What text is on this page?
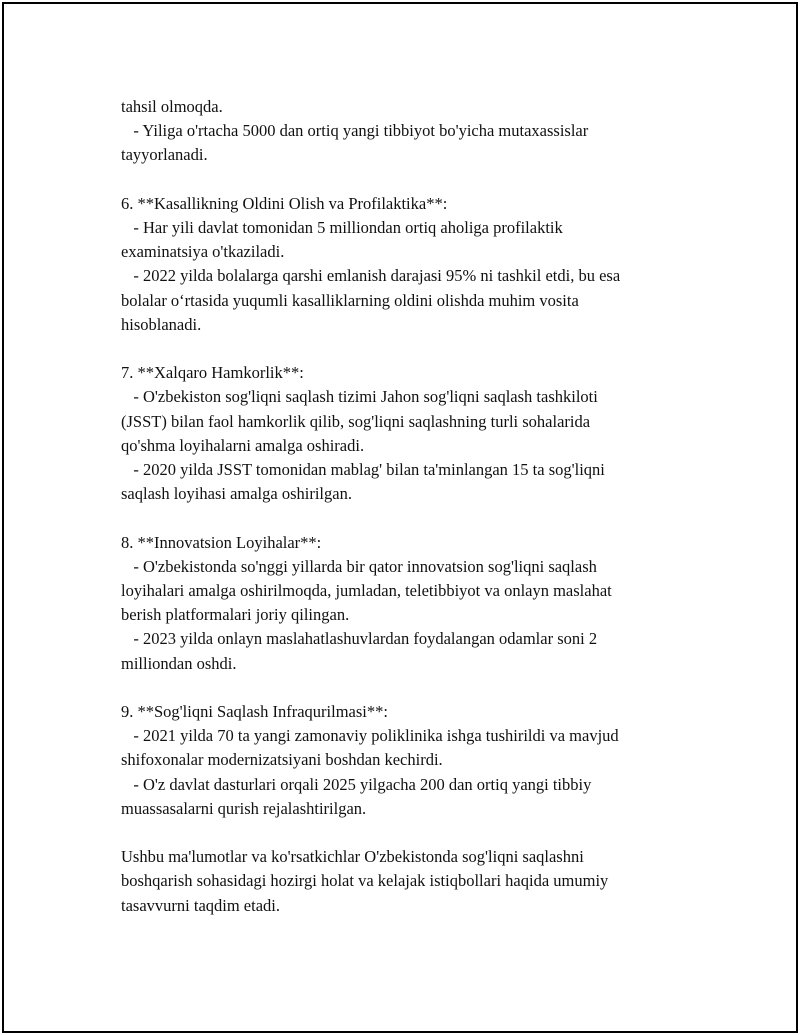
tahsil olmoqda.
- Yiliga o'rtacha 5000 dan ortiq yangi tibbiyot bo'yicha mutaxassislar
tayyorlanadi.
6. **Kasallikning Oldini Olish va Profilaktika**:
- Har yili davlat tomonidan 5 milliondan ortiq aholiga profilaktik
examinatsiya o'tkaziladi.
- 2022 yilda bolalarga qarshi emlanish darajasi 95% ni tashkil etdi, bu esa
bolalar o‘rtasida yuqumli kasalliklarning oldini olishda muhim vosita
hisoblanadi.
7. **Xalqaro Hamkorlik**:
- O'zbekiston sog'liqni saqlash tizimi Jahon sog'liqni saqlash tashkiloti
(JSST) bilan faol hamkorlik qilib, sog'liqni saqlashning turli sohalarida
qo'shma loyihalarni amalga oshiradi.
- 2020 yilda JSST tomonidan mablag' bilan ta'minlangan 15 ta sog'liqni
saqlash loyihasi amalga oshirilgan.
8. **Innovatsion Loyihalar**:
- O'zbekistonda so'nggi yillarda bir qator innovatsion sog'liqni saqlash
loyihalari amalga oshirilmoqda, jumladan, teletibbiyot va onlayn maslahat
berish platformalari joriy qilingan.
- 2023 yilda onlayn maslahatlashuvlardan foydalangan odamlar soni 2
milliondan oshdi.
9. **Sog'liqni Saqlash Infraqurilmasi**:
- 2021 yilda 70 ta yangi zamonaviy poliklinika ishga tushirildi va mavjud
shifoxonalar modernizatsiyani boshdan kechirdi.
- O'z davlat dasturlari orqali 2025 yilgacha 200 dan ortiq yangi tibbiy
muassasalarni qurish rejalashtirilgan.
Ushbu ma'lumotlar va ko'rsatkichlar O'zbekistonda sog'liqni saqlashni
boshqarish sohasidagi hozirgi holat va kelajak istiqbollari haqida umumiy
tasavvurni taqdim etadi.
